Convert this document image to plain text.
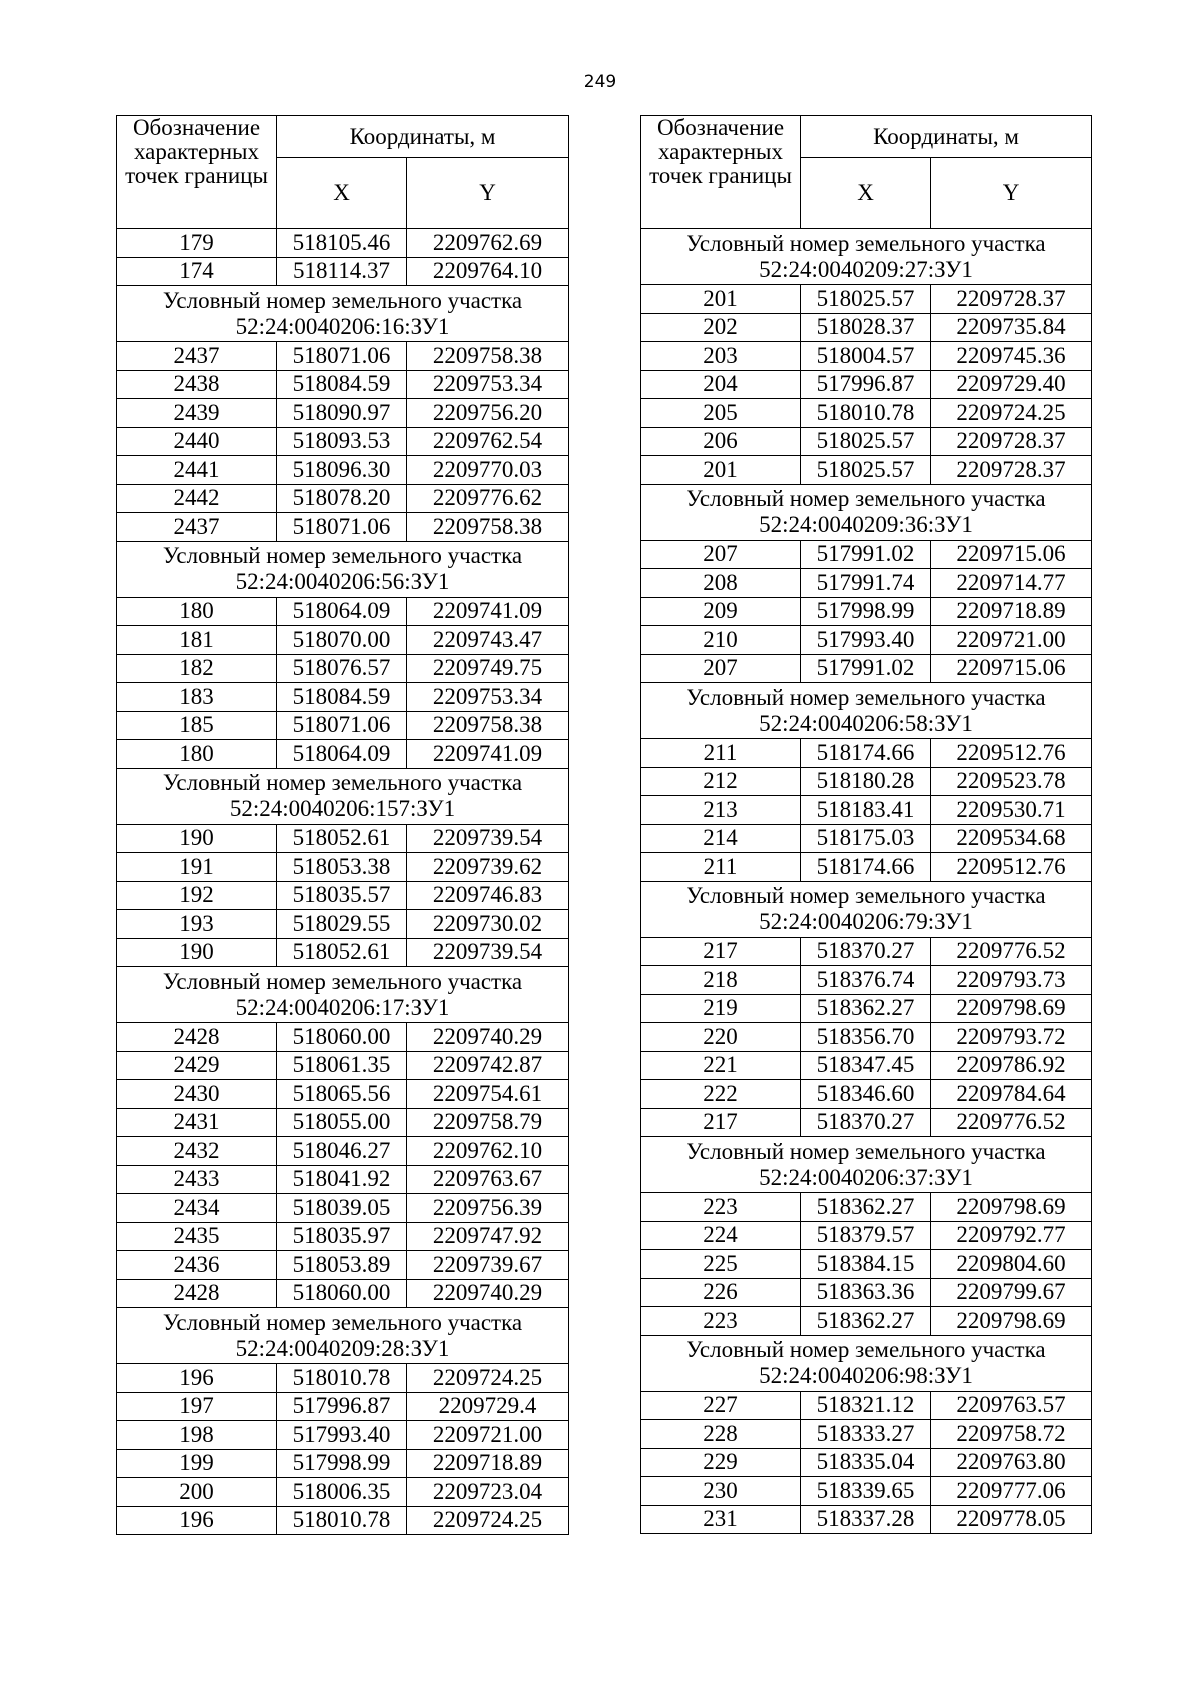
249
Обозначение характерных точек границы	Координаты, м	
	X	Y
179	518105.46	2209762.69
174	518114.37	2209764.10

Условный номер земельного участка
52:24:0040206:16:ЗУ1		

2437	518071.06	2209758.38
2438	518084.59	2209753.34
2439	518090.97	2209756.20
2440	518093.53	2209762.54
2441	518096.30	2209770.03
2442	518078.20	2209776.62
2437	518071.06	2209758.38

Условный номер земельного участка
52:24:0040206:56:ЗУ1		

180	518064.09	2209741.09
181	518070.00	2209743.47
182	518076.57	2209749.75
183	518084.59	2209753.34
185	518071.06	2209758.38
180	518064.09	2209741.09

Условный номер земельного участка
52:24:0040206:157:ЗУ1		

190	518052.61	2209739.54
191	518053.38	2209739.62
192	518035.57	2209746.83
193	518029.55	2209730.02
190	518052.61	2209739.54

Условный номер земельного участка
52:24:0040206:17:ЗУ1		

2428	518060.00	2209740.29
2429	518061.35	2209742.87
2430	518065.56	2209754.61
2431	518055.00	2209758.79
2432	518046.27	2209762.10
2433	518041.92	2209763.67
2434	518039.05	2209756.39
2435	518035.97	2209747.92
2436	518053.89	2209739.67
2428	518060.00	2209740.29

Условный номер земельного участка
52:24:0040209:28:ЗУ1		

196	518010.78	2209724.25
197	517996.87	2209729.4
198	517993.40	2209721.00
199	517998.99	2209718.89
200	518006.35	2209723.04
196	518010.78	2209724.25
Обозначение характерных точек границы	Координаты, м	
	X	Y

Условный номер земельного участка
52:24:0040209:27:ЗУ1		

201	518025.57	2209728.37
202	518028.37	2209735.84
203	518004.57	2209745.36
204	517996.87	2209729.40
205	518010.78	2209724.25
206	518025.57	2209728.37
201	518025.57	2209728.37

Условный номер земельного участка
52:24:0040209:36:ЗУ1		

207	517991.02	2209715.06
208	517991.74	2209714.77
209	517998.99	2209718.89
210	517993.40	2209721.00
207	517991.02	2209715.06

Условный номер земельного участка
52:24:0040206:58:ЗУ1		

211	518174.66	2209512.76
212	518180.28	2209523.78
213	518183.41	2209530.71
214	518175.03	2209534.68
211	518174.66	2209512.76

Условный номер земельного участка
52:24:0040206:79:ЗУ1		

217	518370.27	2209776.52
218	518376.74	2209793.73
219	518362.27	2209798.69
220	518356.70	2209793.72
221	518347.45	2209786.92
222	518346.60	2209784.64
217	518370.27	2209776.52

Условный номер земельного участка
52:24:0040206:37:ЗУ1		

223	518362.27	2209798.69
224	518379.57	2209792.77
225	518384.15	2209804.60
226	518363.36	2209799.67
223	518362.27	2209798.69

Условный номер земельного участка
52:24:0040206:98:ЗУ1		

227	518321.12	2209763.57
228	518333.27	2209758.72
229	518335.04	2209763.80
230	518339.65	2209777.06
231	518337.28	2209778.05
